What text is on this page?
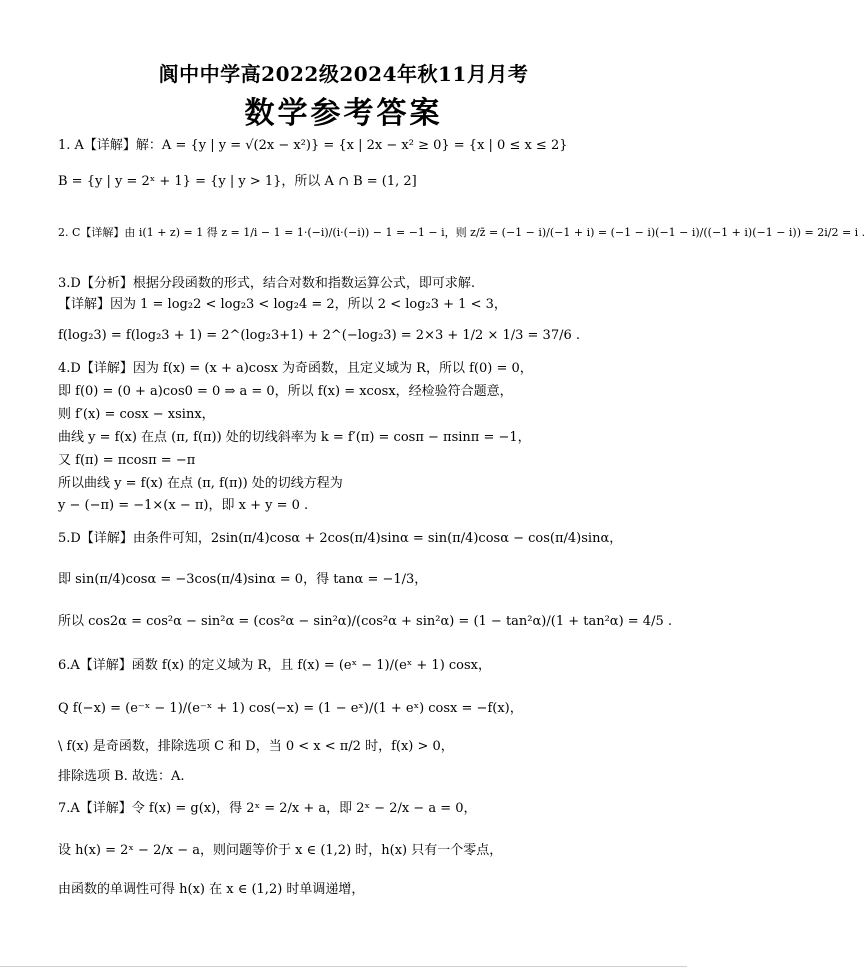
阆中中学高2022级2024年秋11月月考
数学参考答案
1. A【详解】解：A = {y | y = √(2x − x²)} = {x | 2x − x² ≥ 0} = {x | 0 ≤ x ≤ 2}
B = {y | y = 2ˣ + 1} = {y | y > 1}，所以 A ∩ B = (1, 2]
2. C【详解】由 i(1 + z) = 1 得 z = 1/i − 1 = 1·(−i)/(i·(−i)) − 1 = −1 − i，则 z/z̄ = (−1 − i)/(−1 + i) = (−1 − i)(−1 − i)/((−1 + i)(−1 − i)) = 2i/2 = i .
3.D【分析】根据分段函数的形式，结合对数和指数运算公式，即可求解.
【详解】因为 1 = log₂2 < log₂3 < log₂4 = 2，所以 2 < log₂3 + 1 < 3，
f(log₂3) = f(log₂3 + 1) = 2^(log₂3+1) + 2^(−log₂3) = 2×3 + 1/2 × 1/3 = 37/6 .
4.D【详解】因为 f(x) = (x + a)cosx 为奇函数，且定义域为 R，所以 f(0) = 0，
即 f(0) = (0 + a)cos0 = 0 ⇒ a = 0，所以 f(x) = xcosx，经检验符合题意，
则 f′(x) = cosx − xsinx，
曲线 y = f(x) 在点 (π, f(π)) 处的切线斜率为 k = f′(π) = cosπ − πsinπ = −1，
又 f(π) = πcosπ = −π
所以曲线 y = f(x) 在点 (π, f(π)) 处的切线方程为
y − (−π) = −1×(x − π)，即 x + y = 0 .
5.D【详解】由条件可知，2sin(π/4)cosα + 2cos(π/4)sinα = sin(π/4)cosα − cos(π/4)sinα，
即 sin(π/4)cosα = −3cos(π/4)sinα = 0，得 tanα = −1/3，
所以 cos2α = cos²α − sin²α = (cos²α − sin²α)/(cos²α + sin²α) = (1 − tan²α)/(1 + tan²α) = 4/5 .
6.A【详解】函数 f(x) 的定义域为 R，且 f(x) = (eˣ − 1)/(eˣ + 1) cosx，
Q f(−x) = (e⁻ˣ − 1)/(e⁻ˣ + 1) cos(−x) = (1 − eˣ)/(1 + eˣ) cosx = −f(x)，
\ f(x) 是奇函数，排除选项 C 和 D，当 0 < x < π/2 时，f(x) > 0，
排除选项 B. 故选：A.
7.A【详解】令 f(x) = g(x)，得 2ˣ = 2/x + a，即 2ˣ − 2/x − a = 0，
设 h(x) = 2ˣ − 2/x − a，则问题等价于 x ∈ (1,2) 时，h(x) 只有一个零点，
由函数的单调性可得 h(x) 在 x ∈ (1,2) 时单调递增，
